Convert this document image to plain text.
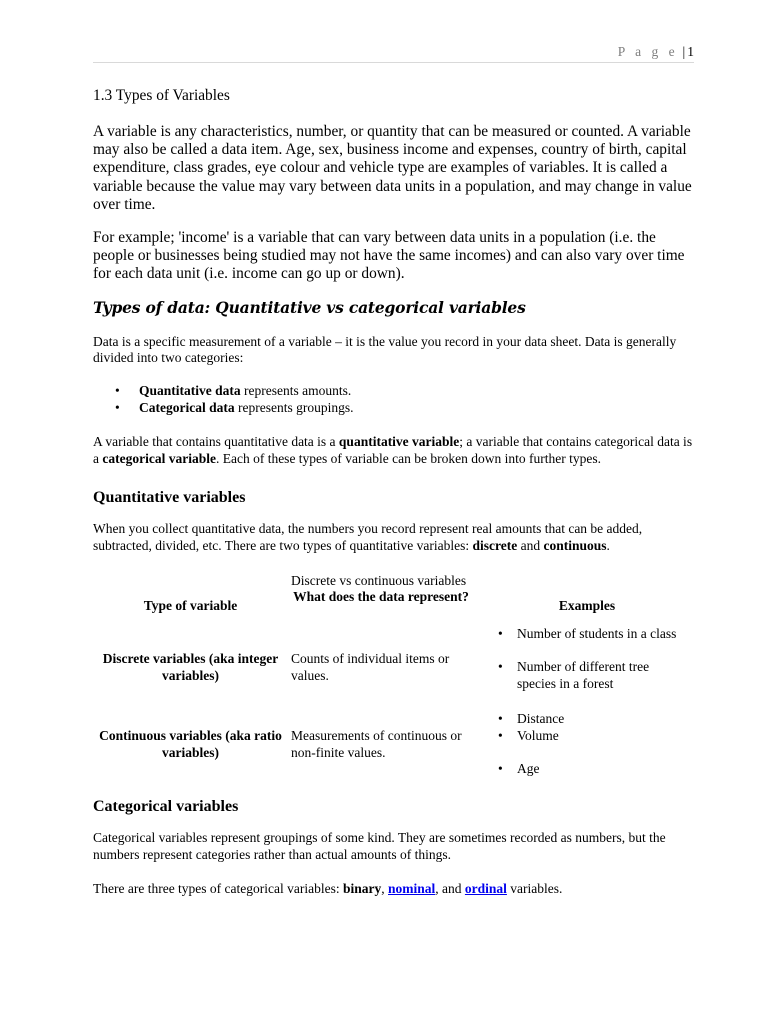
P a g e | 1

1.3 Types of Variables

A variable is any characteristics, number, or quantity that can be measured or counted. A variable may also be called a data item. Age, sex, business income and expenses, country of birth, capital expenditure, class grades, eye colour and vehicle type are examples of variables. It is called a variable because the value may vary between data units in a population, and may change in value over time.

For example; 'income' is a variable that can vary between data units in a population (i.e. the people or businesses being studied may not have the same incomes) and can also vary over time for each data unit (i.e. income can go up or down).

Types of data: Quantitative vs categorical variables

Data is a specific measurement of a variable – it is the value you record in your data sheet. Data is generally divided into two categories:

• Quantitative data represents amounts.
• Categorical data represents groupings.

A variable that contains quantitative data is a quantitative variable; a variable that contains categorical data is a categorical variable. Each of these types of variable can be broken down into further types.

Quantitative variables

When you collect quantitative data, the numbers you record represent real amounts that can be added, subtracted, divided, etc. There are two types of quantitative variables: discrete and continuous.

Discrete vs continuous variables
Type of variable
What does the data represent?
Examples
Discrete variables (aka integer variables)
Counts of individual items or values.
• Number of students in a class
• Number of different tree species in a forest
Continuous variables (aka ratio variables)
Measurements of continuous or non-finite values.
• Distance
• Volume
• Age

Categorical variables

Categorical variables represent groupings of some kind. They are sometimes recorded as numbers, but the numbers represent categories rather than actual amounts of things.

There are three types of categorical variables: binary, nominal, and ordinal variables.
